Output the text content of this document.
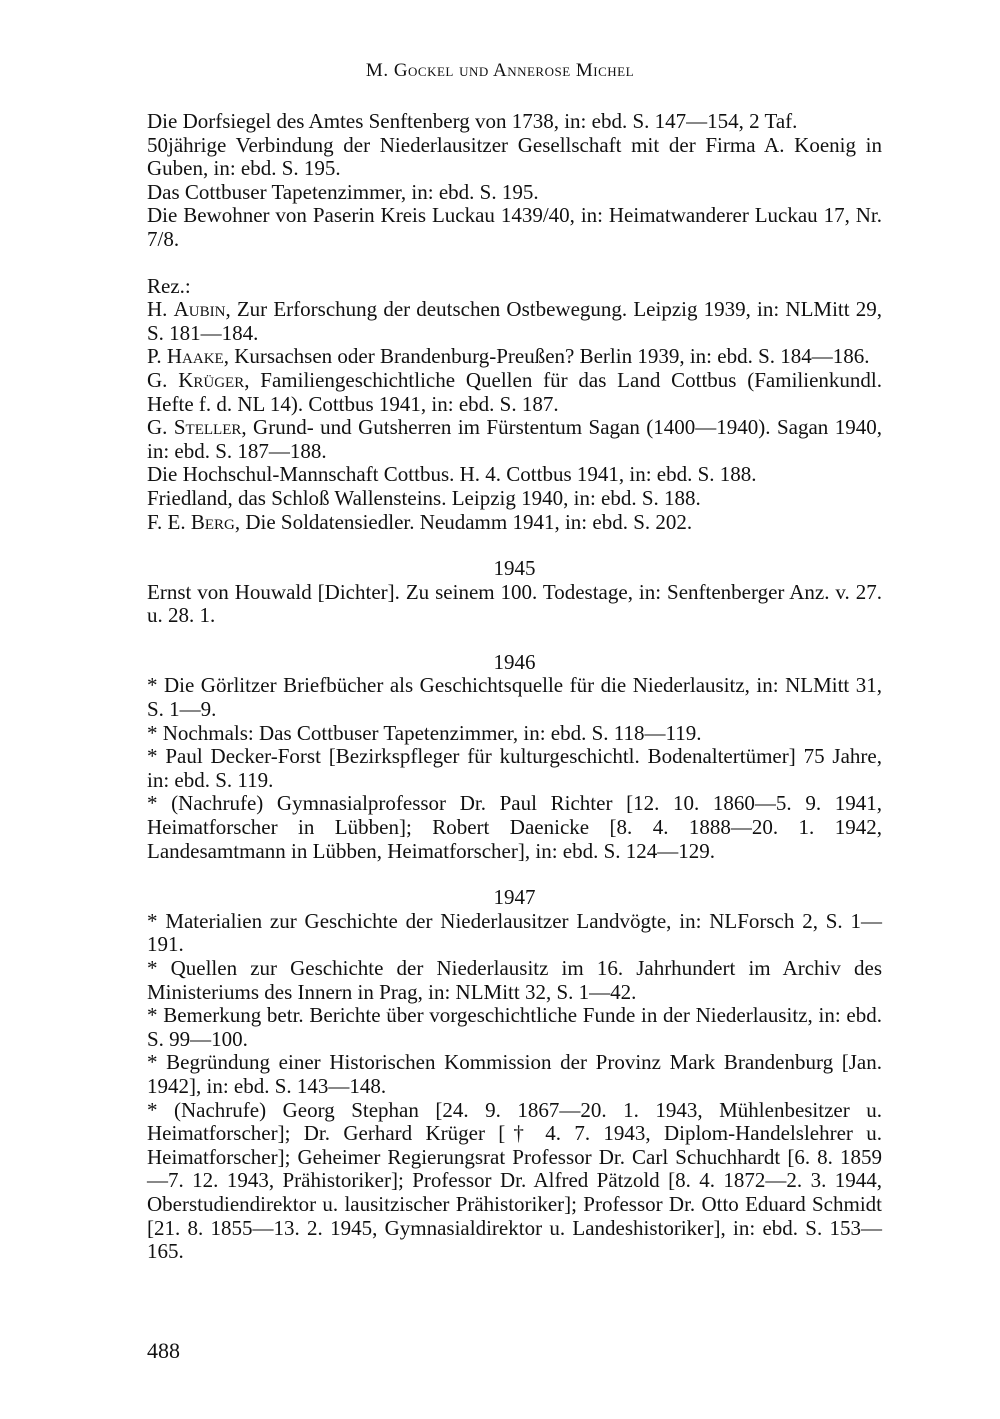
M. Gockel und Annerose Michel

Die Dorfsiegel des Amtes Senftenberg von 1738, in: ebd. S. 147—154, 2 Taf.

50jährige Verbindung der Niederlausitzer Gesellschaft mit der Firma A. Koenig in Guben, in: ebd. S. 195.

Das Cottbuser Tapetenzimmer, in: ebd. S. 195.

Die Bewohner von Paserin Kreis Luckau 1439/40, in: Heimatwanderer Luckau 17, Nr. 7/8.

Rez.:

H. Aubin, Zur Erforschung der deutschen Ostbewegung. Leipzig 1939, in: NLMitt 29, S. 181—184.

P. Haake, Kursachsen oder Brandenburg-Preußen? Berlin 1939, in: ebd. S. 184—186.

G. Krüger, Familiengeschichtliche Quellen für das Land Cottbus (Familienkundl. Hefte f. d. NL 14). Cottbus 1941, in: ebd. S. 187.

G. Steller, Grund- und Gutsherren im Fürstentum Sagan (1400—1940). Sagan 1940, in: ebd. S. 187—188.

Die Hochschul-Mannschaft Cottbus. H. 4. Cottbus 1941, in: ebd. S. 188.

Friedland, das Schloß Wallensteins. Leipzig 1940, in: ebd. S. 188.

F. E. Berg, Die Soldatensiedler. Neudamm 1941, in: ebd. S. 202.

1945

Ernst von Houwald [Dichter]. Zu seinem 100. Todestage, in: Senftenberger Anz. v. 27. u. 28. 1.

1946

* Die Görlitzer Briefbücher als Geschichtsquelle für die Niederlausitz, in: NLMitt 31, S. 1—9.

* Nochmals: Das Cottbuser Tapetenzimmer, in: ebd. S. 118—119.

* Paul Decker-Forst [Bezirkspfleger für kulturgeschichtl. Bodenaltertümer] 75 Jahre, in: ebd. S. 119.

* (Nachrufe) Gymnasialprofessor Dr. Paul Richter [12. 10. 1860—5. 9. 1941, Heimatforscher in Lübben]; Robert Daenicke [8. 4. 1888—20. 1. 1942, Landesamtmann in Lübben, Heimatforscher], in: ebd. S. 124—129.

1947

* Materialien zur Geschichte der Niederlausitzer Landvögte, in: NLForsch 2, S. 1—191.

* Quellen zur Geschichte der Niederlausitz im 16. Jahrhundert im Archiv des Ministeriums des Innern in Prag, in: NLMitt 32, S. 1—42.

* Bemerkung betr. Berichte über vorgeschichtliche Funde in der Niederlausitz, in: ebd. S. 99—100.

* Begründung einer Historischen Kommission der Provinz Mark Brandenburg [Jan. 1942], in: ebd. S. 143—148.

* (Nachrufe) Georg Stephan [24. 9. 1867—20. 1. 1943, Mühlenbesitzer u. Heimatforscher]; Dr. Gerhard Krüger [† 4. 7. 1943, Diplom-Handelslehrer u. Heimatforscher]; Geheimer Regierungsrat Professor Dr. Carl Schuchhardt [6. 8. 1859—7. 12. 1943, Prähistoriker]; Professor Dr. Alfred Pätzold [8. 4. 1872—2. 3. 1944, Oberstudiendirektor u. lausitzischer Prähistoriker]; Professor Dr. Otto Eduard Schmidt [21. 8. 1855—13. 2. 1945, Gymnasialdirektor u. Landeshistoriker], in: ebd. S. 153—165.

488
